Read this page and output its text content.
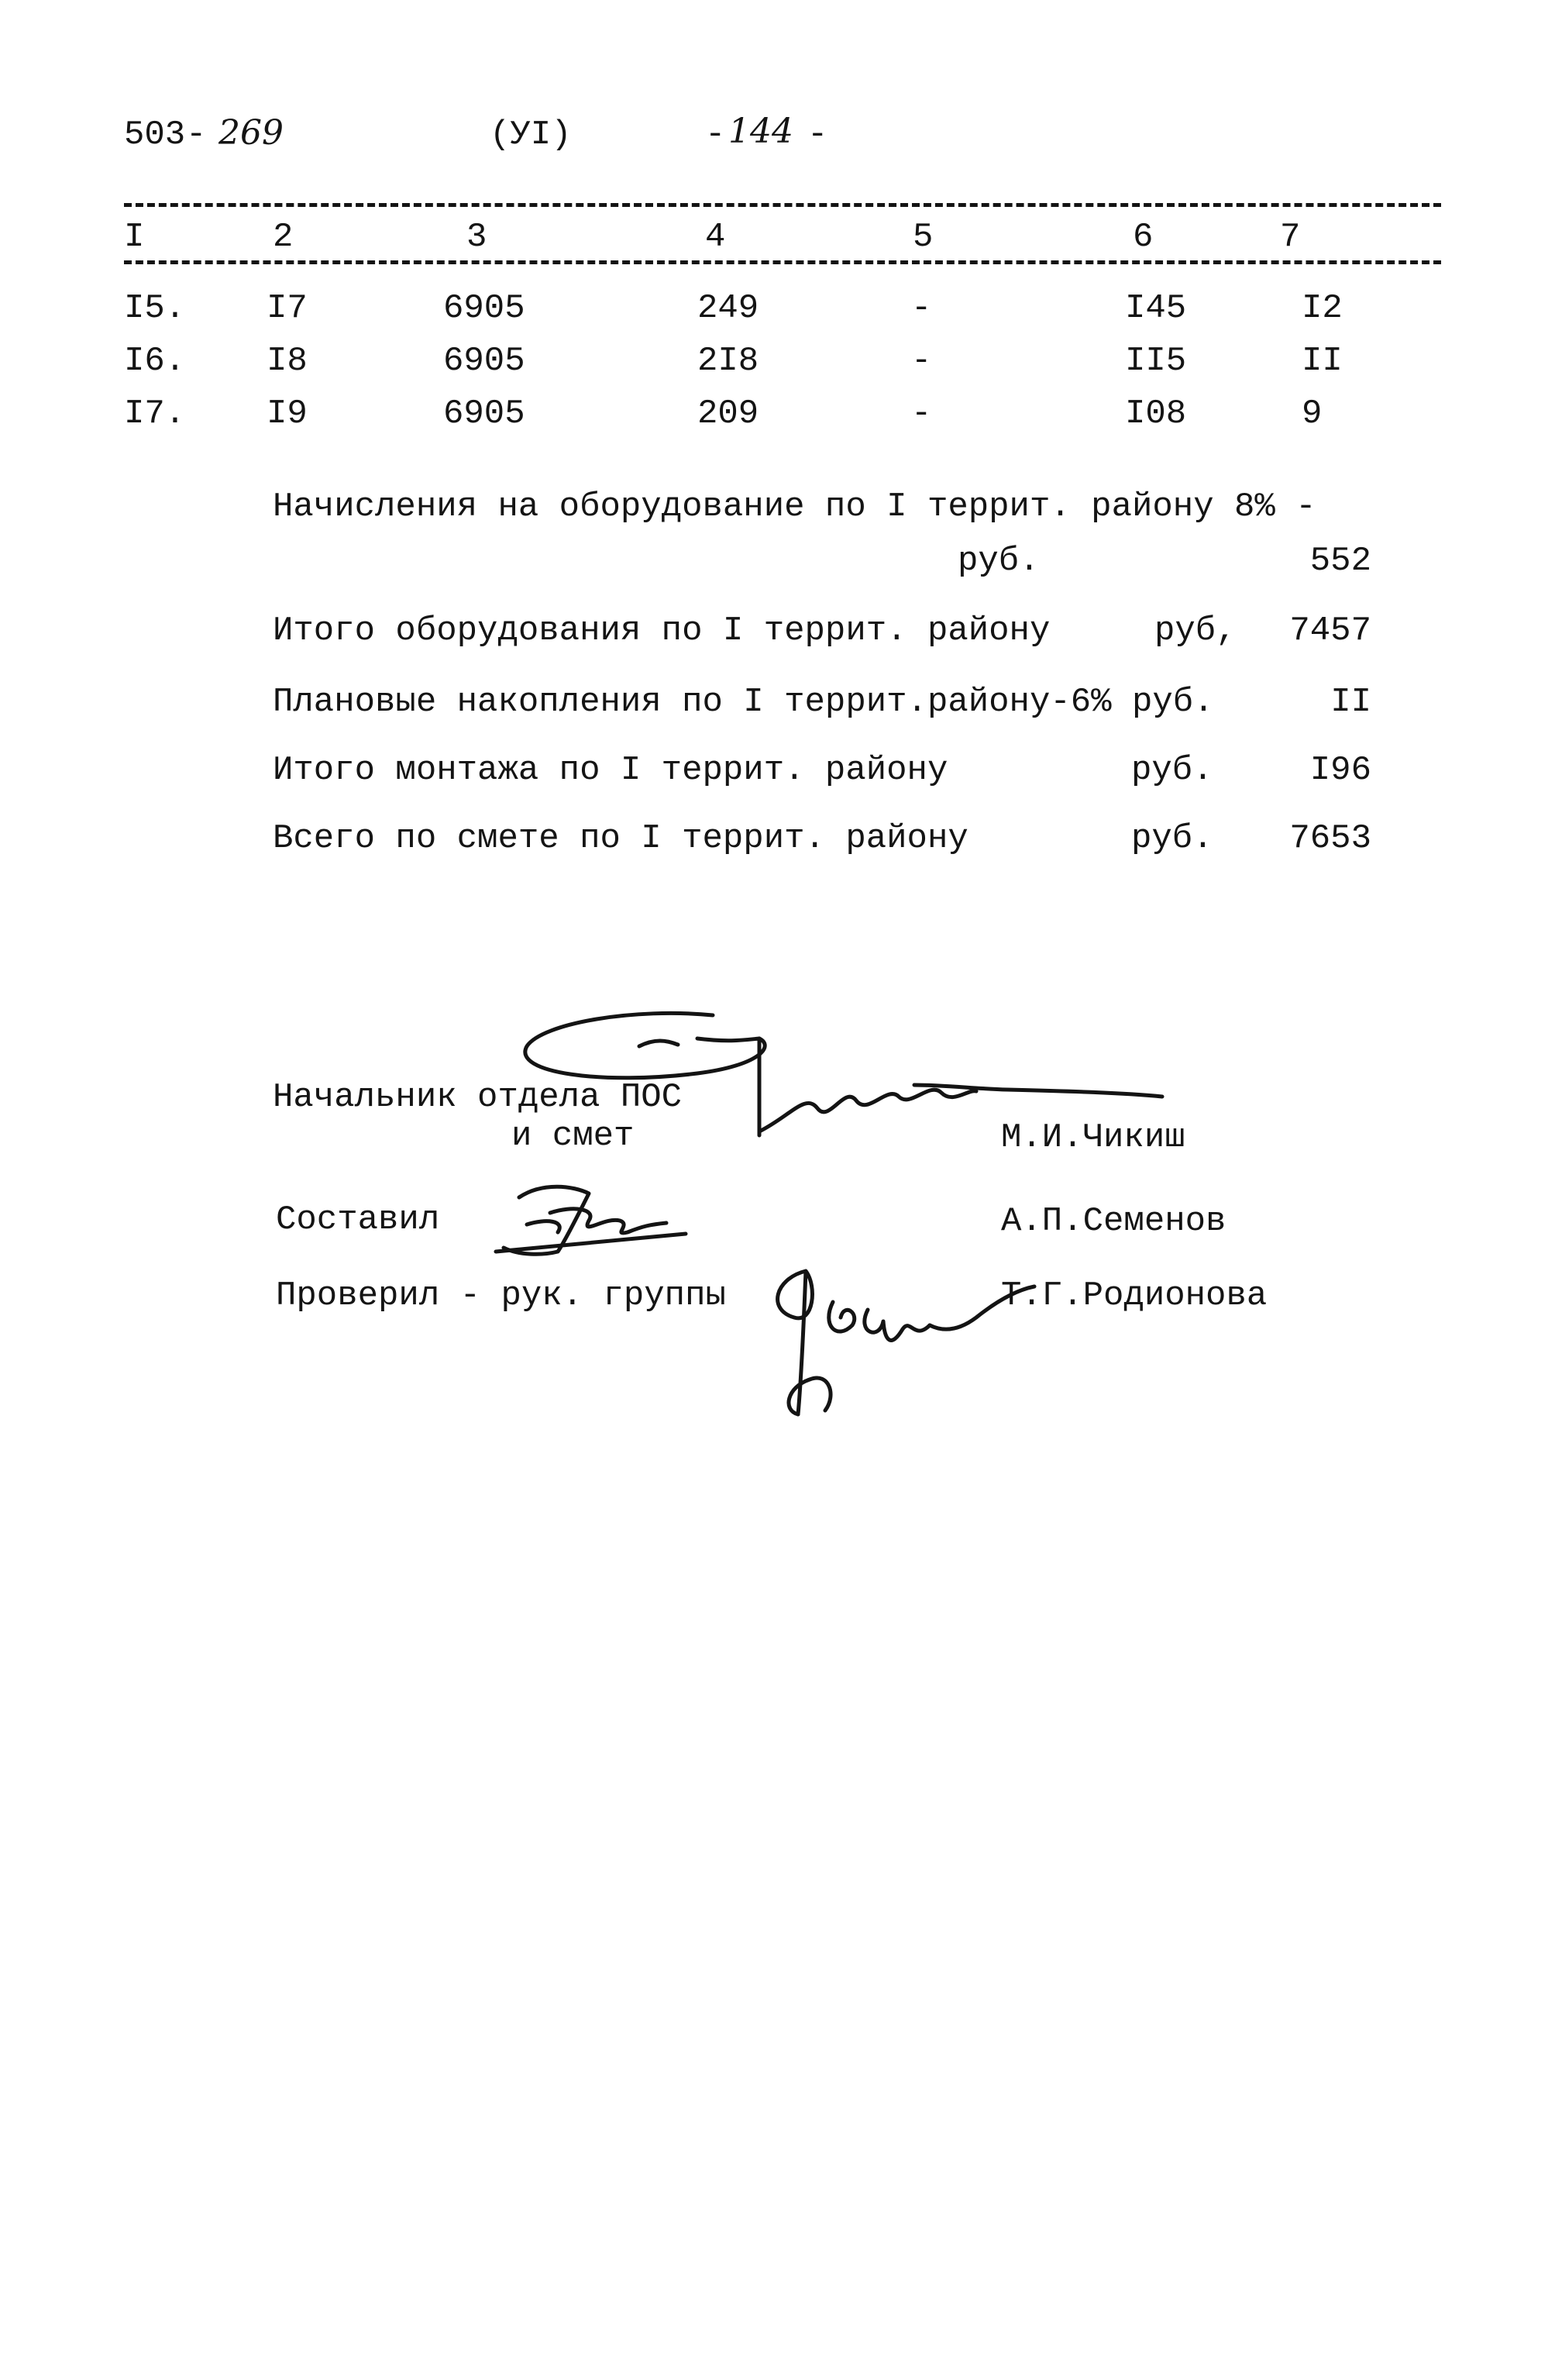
503 - 269	(УI)	- 144 -
I	2	3	4	5	6	7
I5. I7	6905	249	-	I45	I2
I6. I8	6905	2I8	-	II5	II
I7. I9	6905	209	-	I08	9
Начисления на оборудование по I террит. району 8% -
руб.	552
Итого оборудования по I террит. району	руб,	7457
Плановые накопления по I террит.району-6% руб.	II
Итого монтажа по I террит. району	руб.	I96
Всего по смете по I террит. району	руб.	7653
Начальник отдела ПОС
и смет	М.И.Чикиш
Составил	А.П.Семенов
Проверил - рук. группы	Т.Г.Родионова
